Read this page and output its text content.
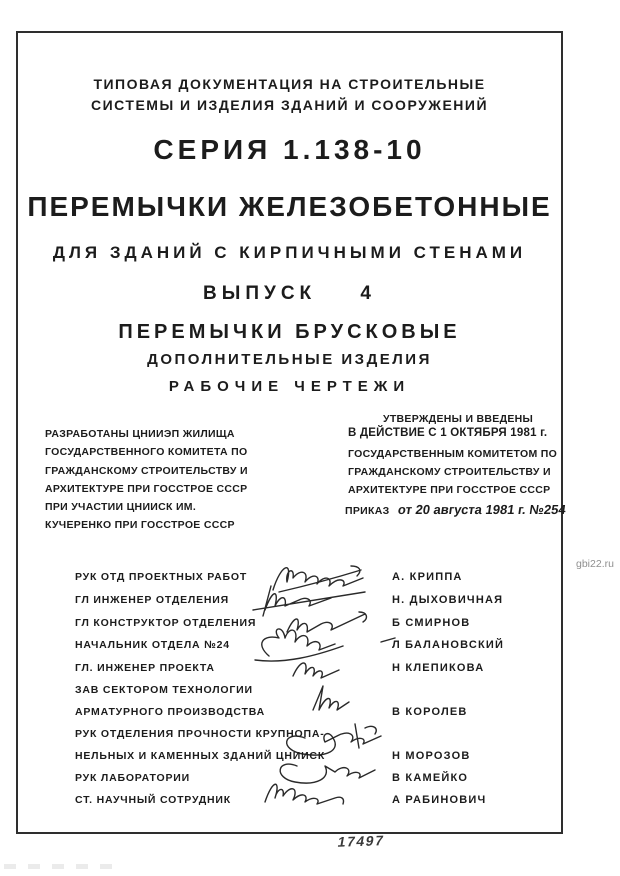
ТИПОВАЯ ДОКУМЕНТАЦИЯ НА СТРОИТЕЛЬНЫЕ
СИСТЕМЫ И ИЗДЕЛИЯ ЗДАНИЙ И СООРУЖЕНИЙ
СЕРИЯ 1.138-10
ПЕРЕМЫЧКИ ЖЕЛЕЗОБЕТОННЫЕ
ДЛЯ ЗДАНИЙ С КИРПИЧНЫМИ СТЕНАМИ
ВЫПУСК 4
ПЕРЕМЫЧКИ БРУСКОВЫЕ
ДОПОЛНИТЕЛЬНЫЕ ИЗДЕЛИЯ
РАБОЧИЕ ЧЕРТЕЖИ
РАЗРАБОТАНЫ ЦНИИЭП ЖИЛИЩА
ГОСУДАРСТВЕННОГО КОМИТЕТА ПО
ГРАЖДАНСКОМУ СТРОИТЕЛЬСТВУ И
АРХИТЕКТУРЕ ПРИ ГОССТРОЕ СССР
ПРИ УЧАСТИИ ЦНИИСК ИМ.
КУЧЕРЕНКО ПРИ ГОССТРОЕ СССР
УТВЕРЖДЕНЫ И ВВЕДЕНЫ
В ДЕЙСТВИЕ С 1 ОКТЯБРЯ 1981 г.
ГОСУДАРСТВЕННЫМ КОМИТЕТОМ ПО
ГРАЖДАНСКОМУ СТРОИТЕЛЬСТВУ И
АРХИТЕКТУРЕ ПРИ ГОССТРОЕ СССР
ПРИКАЗ от 20 августа 1981 г. №254
РУК ОТД ПРОЕКТНЫХ РАБОТ
ГЛ ИНЖЕНЕР ОТДЕЛЕНИЯ
ГЛ КОНСТРУКТОР ОТДЕЛЕНИЯ
НАЧАЛЬНИК ОТДЕЛА №24
ГЛ. ИНЖЕНЕР ПРОЕКТА
ЗАВ СЕКТОРОМ ТЕХНОЛОГИИ
АРМАТУРНОГО ПРОИЗВОДСТВА
РУК ОТДЕЛЕНИЯ ПРОЧНОСТИ КРУПНОПА-
НЕЛЬНЫХ И КАМЕННЫХ ЗДАНИЙ ЦНИИСК
РУК ЛАБОРАТОРИИ
СТ. НАУЧНЫЙ СОТРУДНИК
А. КРИППА
Н. ДЫХОВИЧНАЯ
Б СМИРНОВ
Л БАЛАНОВСКИЙ
Н КЛЕПИКОВА
В КОРОЛЕВ
Н МОРОЗОВ
В КАМЕЙКО
А РАБИНОВИЧ
17497
gbi22.ru
